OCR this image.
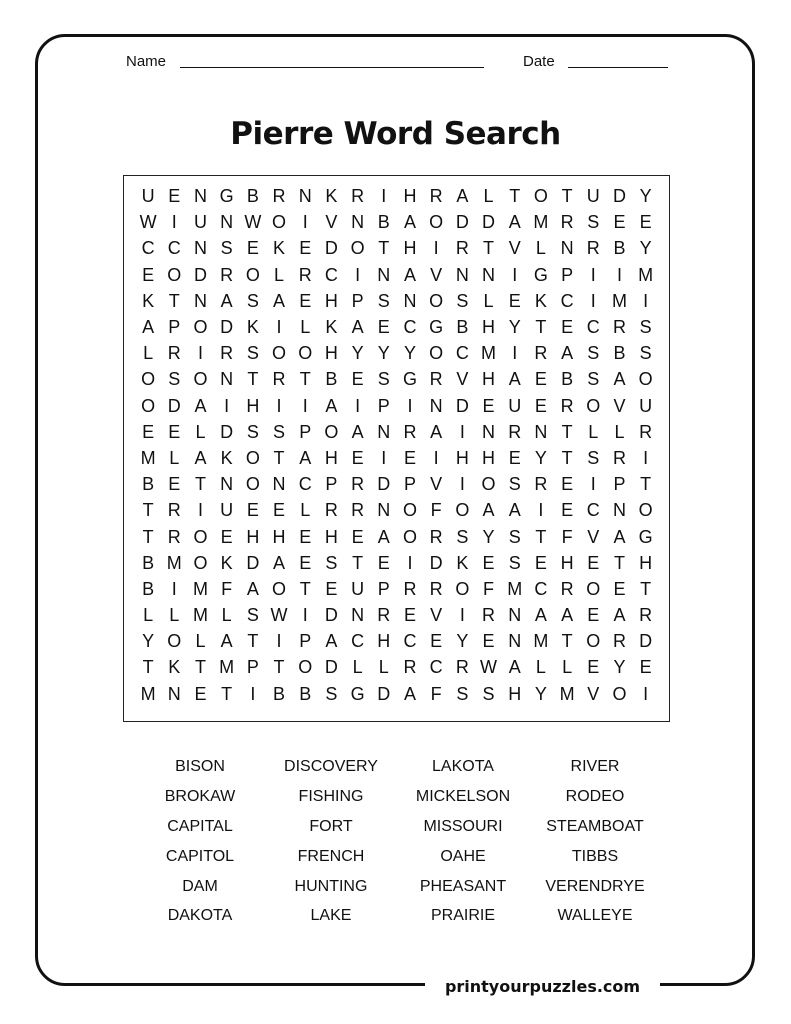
Name	Date
Pierre Word Search
U E N G B R N K R I H R A L T O T U D Y
W I U N W O I V N B A O D D A M R S E E
C C N S E K E D O T H I R T V L N R B Y
E O D R O L R C I N A V N N I G P I	I M
K T N A S A E H P S N O S L E K C I M I
A P O D K I	L K A E C G B H Y T E C R S
L R I R S O O H Y Y Y O C M I R A S B S
O S O N T R T B E S G R V H A E B S A O
O D A I H I	I A I P I N D E U E R O V U
E E L D S S P O A N R A I N R N T L L R
M L A K O T A H E I E I H H E Y T S R I
B E T N O N C P R D P V I O S R E I P T
T R I U E E L R R N O F O A A I E C N O
T R O E H H E H E A O R S Y S T F V A G
B M O K D A E S T E I D K E S E H E T H
B I M F A O T E U P R R O F M C R O E T
L L M L S W I D N R E V I R N A A E A R
Y O L A T	I P A C H C E Y E N M T O R D
T K T M P T O D L L R C R W A L L E Y E
M N E T	I B B S G D A F S S H Y M V O I
BISON	DISCOVERY	LAKOTA	RIVER
BROKAW	FISHING	MICKELSON	RODEO
CAPITAL	FORT	MISSOURI	STEAMBOAT
CAPITOL	FRENCH	OAHE	TIBBS
DAM	HUNTING	PHEASANT	VERENDRYE
DAKOTA	LAKE	PRAIRIE	WALLEYE
printyourpuzzles.com
